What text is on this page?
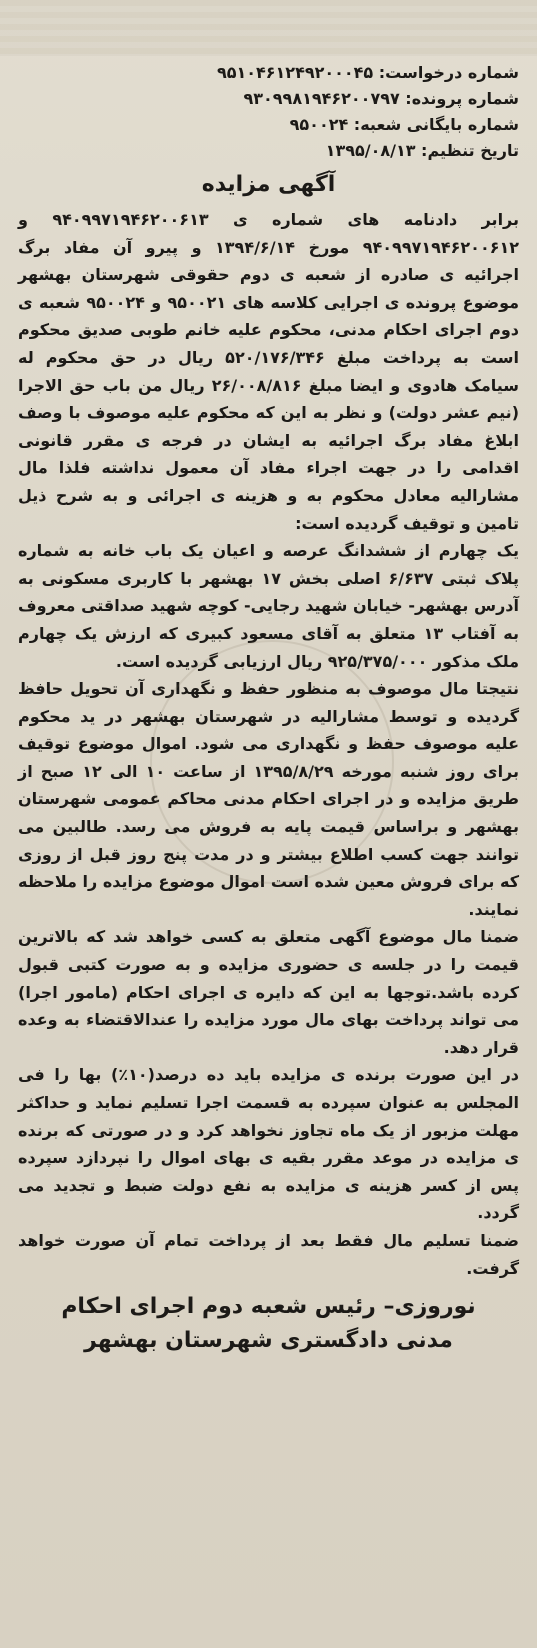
شماره درخواست: ۹۵۱۰۴۶۱۲۴۹۲۰۰۰۴۵
شماره پرونده: ۹۳۰۹۹۸۱۹۴۶۲۰۰۷۹۷
شماره بایگانی شعبه: ۹۵۰۰۲۴
تاریخ تنظیم: ۱۳۹۵/۰۸/۱۳
آگهی مزایده

برابر دادنامه های شماره ی ۹۴۰۹۹۷۱۹۴۶۲۰۰۶۱۳ و ۹۴۰۹۹۷۱۹۴۶۲۰۰۶۱۲ مورخ ۱۳۹۴/۶/۱۴ و پیرو آن مفاد برگ اجرائیه ی صادره از شعبه ی دوم حقوقی شهرستان بهشهر موضوع پرونده ی اجرایی کلاسه های ۹۵۰۰۲۱ و ۹۵۰۰۲۴ شعبه ی دوم اجرای احکام مدنی، محکوم علیه خانم طوبی صدیق محکوم است به پرداخت مبلغ ۵۲۰/۱۷۶/۳۴۶ ریال در حق محکوم له سیامک هادوی و ایضا مبلغ ۲۶/۰۰۸/۸۱۶ ریال من باب حق الاجرا (نیم عشر دولت) و نظر به این که محکوم علیه موصوف با وصف ابلاغ مفاد برگ اجرائیه به ایشان در فرجه ی مقرر قانونی اقدامی را در جهت اجراء مفاد آن معمول نداشته فلذا مال مشارالیه معادل محکوم به و هزینه ی اجرائی و به شرح ذیل تامین و توقیف گردیده است:

یک چهارم از ششدانگ عرصه و اعیان یک باب خانه به شماره پلاک ثبتی ۶/۶۳۷ اصلی بخش ۱۷ بهشهر با کاربری مسکونی به آدرس بهشهر- خیابان شهید رجایی- کوچه شهید صداقتی معروف به آفتاب ۱۳ متعلق به آقای مسعود کبیری که ارزش یک چهارم ملک مذکور ۹۲۵/۳۷۵/۰۰۰ ریال ارزیابی گردیده است.

نتیجتا مال موصوف به منظور حفظ و نگهداری آن تحویل حافظ گردیده و توسط مشارالیه در شهرستان بهشهر در ید محکوم علیه موصوف حفظ و نگهداری می شود. اموال موضوع توقیف برای روز شنبه مورخه ۱۳۹۵/۸/۲۹ از ساعت ۱۰ الی ۱۲ صبح از طریق مزایده و در اجرای احکام مدنی محاکم عمومی شهرستان بهشهر و براساس قیمت پایه به فروش می رسد. طالبین می توانند جهت کسب اطلاع بیشتر و در مدت پنج روز قبل از روزی که برای فروش معین شده است اموال موضوع مزایده را ملاحظه نمایند.

ضمنا مال موضوع آگهی متعلق به کسی خواهد شد که بالاترین قیمت را در جلسه ی حضوری مزایده و به صورت کتبی قبول کرده باشد.توجها به این که دایره ی اجرای احکام (مامور اجرا) می تواند پرداخت بهای مال مورد مزایده را عندالاقتضاء به وعده قرار دهد.

در این صورت برنده ی مزایده باید ده درصد(۱۰٪) بها را فی المجلس به عنوان سپرده به قسمت اجرا تسلیم نماید و حداکثر مهلت مزبور از یک ماه تجاوز نخواهد کرد و در صورتی که برنده ی مزایده در موعد مقرر بقیه ی بهای اموال را نپردازد سپرده پس از کسر هزینه ی مزایده به نفع دولت ضبط و تجدید می گردد.

ضمنا تسلیم مال فقط بعد از پرداخت تمام آن صورت خواهد گرفت.

نوروزی– رئیس شعبه دوم اجرای احکام
مدنی دادگستری شهرستان بهشهر
